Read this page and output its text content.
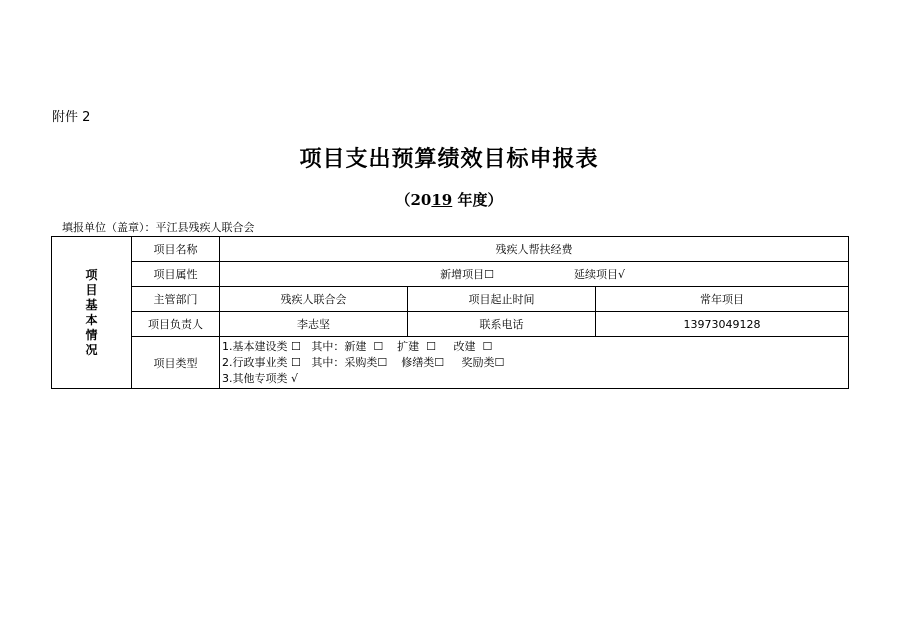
附件 2
项目支出预算绩效目标申报表
（2019 年度）
填报单位（盖章）：平江县残疾人联合会
项目基本情况	项目名称	残疾人帮扶经费		
	项目属性	新增项目☐ 延续项目√		
	主管部门	残疾人联合会	项目起止时间	常年项目
	项目负责人	李志坚	联系电话	13973049128
	项目类型	1.基本建设类 ☐   其中：新建  ☐    扩建  ☐     改建  ☐
2.行政事业类 ☐   其中：采购类☐    修缮类☐     奖励类☐
3.其他专项类 √		
